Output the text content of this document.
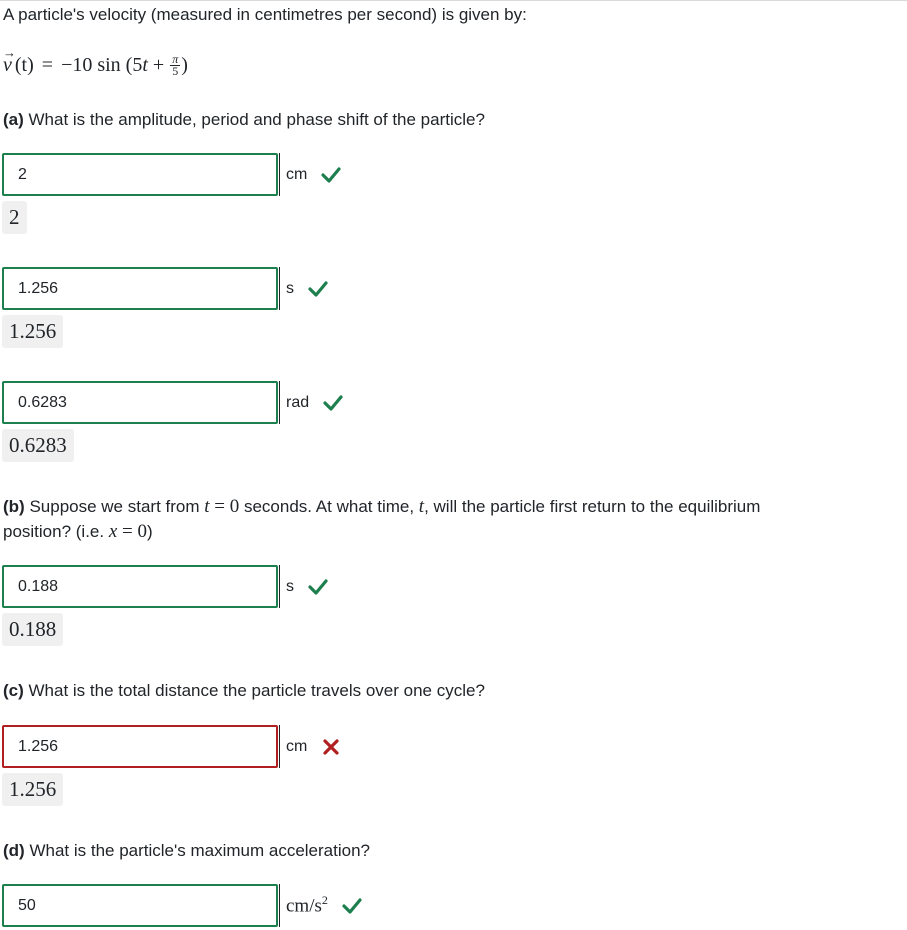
A particle's velocity (measured in centimetres per second) is given by:

→
v (t) = −10 sin (5 $t + \frac{\pi}{5}$ )

(a) What is the amplitude, period and phase shift of the particle?

2
cm
2
1.256
s
1.256
0.6283
rad
0.6283

(b) Suppose we start from t = 0 seconds. At what time, t, will the particle first return to the equilibrium
position? (i.e. x = 0)

0.188
s
0.188

(c) What is the total distance the particle travels over one cycle?

1.256
cm
1.256

(d) What is the particle's maximum acceleration?

50
$cm/s^2$
